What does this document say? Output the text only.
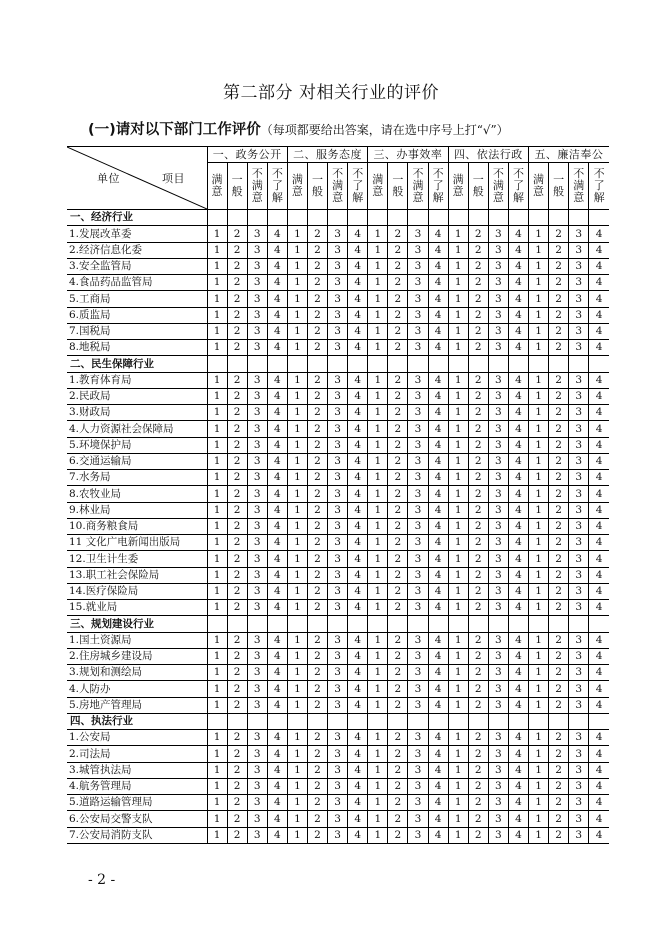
第二部分 对相关行业的评价
(一)请对以下部门工作评价（每项都要给出答案，请在选中序号上打“√”）
单位 项目	一、政务公开				二、服务态度				三、办事效率				四、依法行政				五、廉洁奉公			
	满意	一般	不满意	不了解	满意	一般	不满意	不了解	满意	一般	不满意	不了解	满意	一般	不满意	不了解	满意	一般	不满意	不了解
一、经济行业																				
1.发展改革委	1	2	3	4	1	2	3	4	1	2	3	4	1	2	3	4	1	2	3	4
2.经济信息化委	1	2	3	4	1	2	3	4	1	2	3	4	1	2	3	4	1	2	3	4
3.安全监管局	1	2	3	4	1	2	3	4	1	2	3	4	1	2	3	4	1	2	3	4
4.食品药品监管局	1	2	3	4	1	2	3	4	1	2	3	4	1	2	3	4	1	2	3	4
5.工商局	1	2	3	4	1	2	3	4	1	2	3	4	1	2	3	4	1	2	3	4
6.质监局	1	2	3	4	1	2	3	4	1	2	3	4	1	2	3	4	1	2	3	4
7.国税局	1	2	3	4	1	2	3	4	1	2	3	4	1	2	3	4	1	2	3	4
8.地税局	1	2	3	4	1	2	3	4	1	2	3	4	1	2	3	4	1	2	3	4
二、民生保障行业																				
1.教育体育局	1	2	3	4	1	2	3	4	1	2	3	4	1	2	3	4	1	2	3	4
2.民政局	1	2	3	4	1	2	3	4	1	2	3	4	1	2	3	4	1	2	3	4
3.财政局	1	2	3	4	1	2	3	4	1	2	3	4	1	2	3	4	1	2	3	4
4.人力资源社会保障局	1	2	3	4	1	2	3	4	1	2	3	4	1	2	3	4	1	2	3	4
5.环境保护局	1	2	3	4	1	2	3	4	1	2	3	4	1	2	3	4	1	2	3	4
6.交通运输局	1	2	3	4	1	2	3	4	1	2	3	4	1	2	3	4	1	2	3	4
7.水务局	1	2	3	4	1	2	3	4	1	2	3	4	1	2	3	4	1	2	3	4
8.农牧业局	1	2	3	4	1	2	3	4	1	2	3	4	1	2	3	4	1	2	3	4
9.林业局	1	2	3	4	1	2	3	4	1	2	3	4	1	2	3	4	1	2	3	4
10.商务粮食局	1	2	3	4	1	2	3	4	1	2	3	4	1	2	3	4	1	2	3	4
11 文化广电新闻出版局	1	2	3	4	1	2	3	4	1	2	3	4	1	2	3	4	1	2	3	4
12.卫生计生委	1	2	3	4	1	2	3	4	1	2	3	4	1	2	3	4	1	2	3	4
13.职工社会保险局	1	2	3	4	1	2	3	4	1	2	3	4	1	2	3	4	1	2	3	4
14.医疗保险局	1	2	3	4	1	2	3	4	1	2	3	4	1	2	3	4	1	2	3	4
15.就业局	1	2	3	4	1	2	3	4	1	2	3	4	1	2	3	4	1	2	3	4
三、规划建设行业																				
1.国土资源局	1	2	3	4	1	2	3	4	1	2	3	4	1	2	3	4	1	2	3	4
2.住房城乡建设局	1	2	3	4	1	2	3	4	1	2	3	4	1	2	3	4	1	2	3	4
3.规划和测绘局	1	2	3	4	1	2	3	4	1	2	3	4	1	2	3	4	1	2	3	4
4.人防办	1	2	3	4	1	2	3	4	1	2	3	4	1	2	3	4	1	2	3	4
5.房地产管理局	1	2	3	4	1	2	3	4	1	2	3	4	1	2	3	4	1	2	3	4
四、执法行业																				
1.公安局	1	2	3	4	1	2	3	4	1	2	3	4	1	2	3	4	1	2	3	4
2.司法局	1	2	3	4	1	2	3	4	1	2	3	4	1	2	3	4	1	2	3	4
3.城管执法局	1	2	3	4	1	2	3	4	1	2	3	4	1	2	3	4	1	2	3	4
4.航务管理局	1	2	3	4	1	2	3	4	1	2	3	4	1	2	3	4	1	2	3	4
5.道路运输管理局	1	2	3	4	1	2	3	4	1	2	3	4	1	2	3	4	1	2	3	4
6.公安局交警支队	1	2	3	4	1	2	3	4	1	2	3	4	1	2	3	4	1	2	3	4
7.公安局消防支队	1	2	3	4	1	2	3	4	1	2	3	4	1	2	3	4	1	2	3	4
- 2 -
